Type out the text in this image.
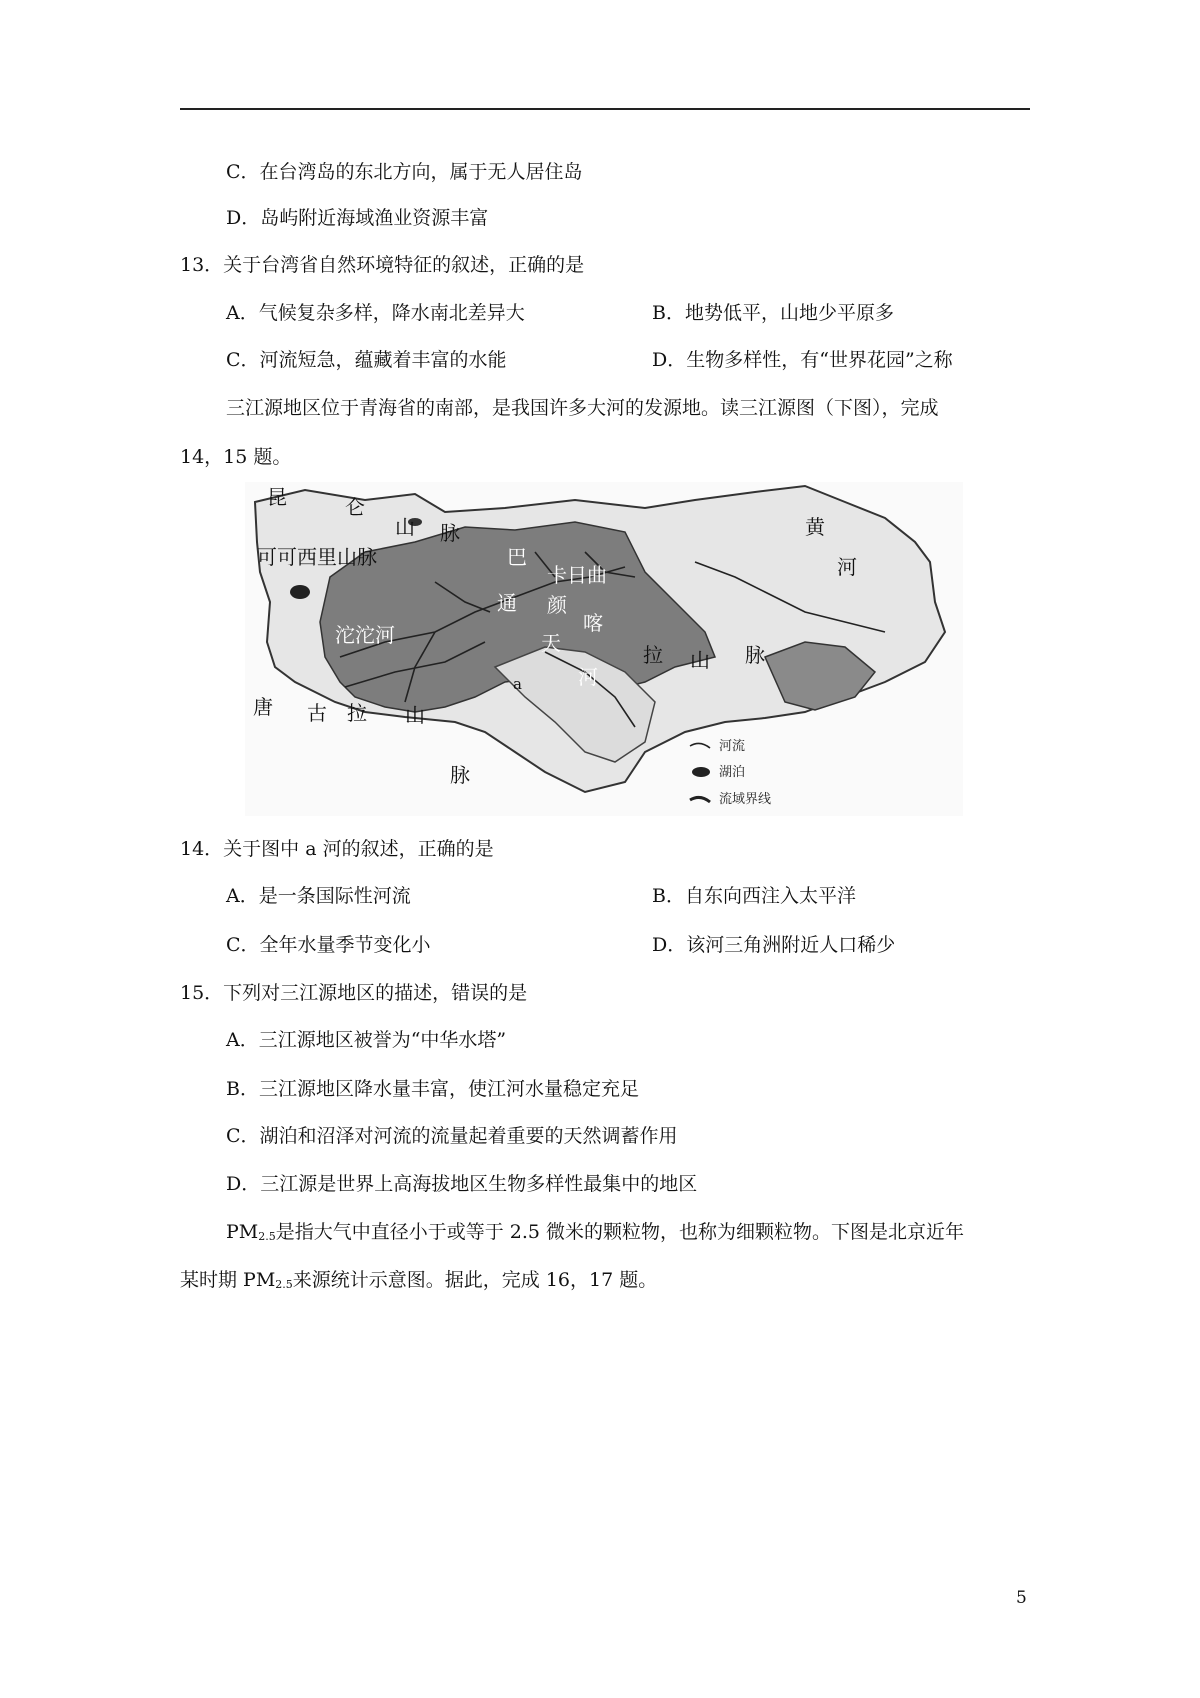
C．在台湾岛的东北方向，属于无人居住岛
D．岛屿附近海域渔业资源丰富
13．关于台湾省自然环境特征的叙述，正确的是
A．气候复杂多样，降水南北差异大	B．地势低平，山地少平原多
C．河流短急，蕴藏着丰富的水能	D．生物多样性，有“世界花园”之称
三江源地区位于青海省的南部，是我国许多大河的发源地。读三江源图（下图），完成
14，15 题。
昆	仑
山 脉
可可西里山脉	巴
颜
喀
拉 山 脉
卡日曲
通
天
河
沱沱河
黄
河
唐 古 拉 山
脉
a
河流
湖泊
流域界线
14．关于图中 a 河的叙述，正确的是
A．是一条国际性河流	B．自东向西注入太平洋
C．全年水量季节变化小	D．该河三角洲附近人口稀少
15．下列对三江源地区的描述，错误的是
A．三江源地区被誉为“中华水塔”
B．三江源地区降水量丰富，使江河水量稳定充足
C．湖泊和沼泽对河流的流量起着重要的天然调蓄作用
D．三江源是世界上高海拔地区生物多样性最集中的地区
$PM_{2.5}$是指大气中直径小于或等于 2.5 微米的颗粒物，也称为细颗粒物。下图是北京近年
某时期 $PM_{2.5}$来源统计示意图。据此，完成 16，17 题。
5
